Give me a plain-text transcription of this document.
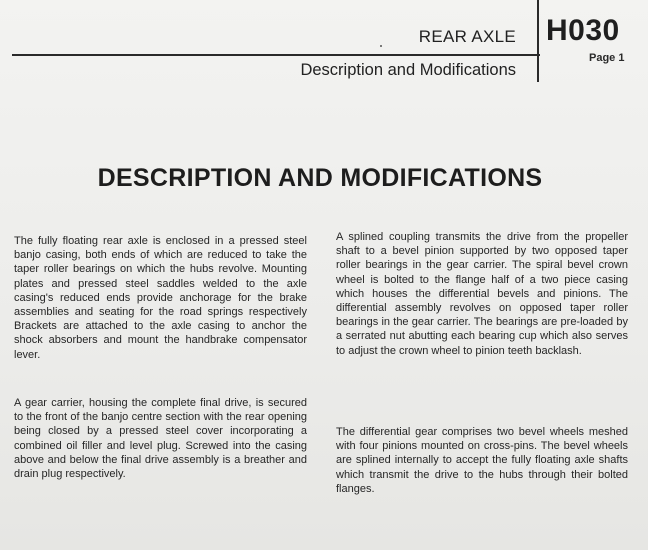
REAR AXLE
Description and Modifications
H030
Page 1
DESCRIPTION AND MODIFICATIONS

The fully floating rear axle is enclosed in a pressed steel banjo casing, both ends of which are reduced to take the taper roller bearings on which the hubs revolve. Mounting plates and pressed steel saddles welded to the axle casing's reduced ends provide anchorage for the brake assemblies and seating for the road springs respectively Brackets are attached to the axle casing to anchor the shock absorbers and mount the handbrake compensator lever.

A gear carrier, housing the complete final drive, is secured to the front of the banjo centre section with the rear opening being closed by a pressed steel cover incorporating a combined oil filler and level plug. Screwed into the casing above and below the final drive assembly is a breather and drain plug respectively.

A splined coupling transmits the drive from the propeller shaft to a bevel pinion supported by two opposed taper roller bearings in the gear carrier. The spiral bevel crown wheel is bolted to the flange half of a two piece casing which houses the differential bevels and pinions. The differential assembly revolves on opposed taper roller bearings in the gear carrier. The bearings are pre-loaded by a serrated nut abutting each bearing cup which also serves to adjust the crown wheel to pinion teeth backlash.

The differential gear comprises two bevel wheels meshed with four pinions mounted on cross-pins. The bevel wheels are splined internally to accept the fully floating axle shafts which transmit the drive to the hubs through their bolted flanges.
